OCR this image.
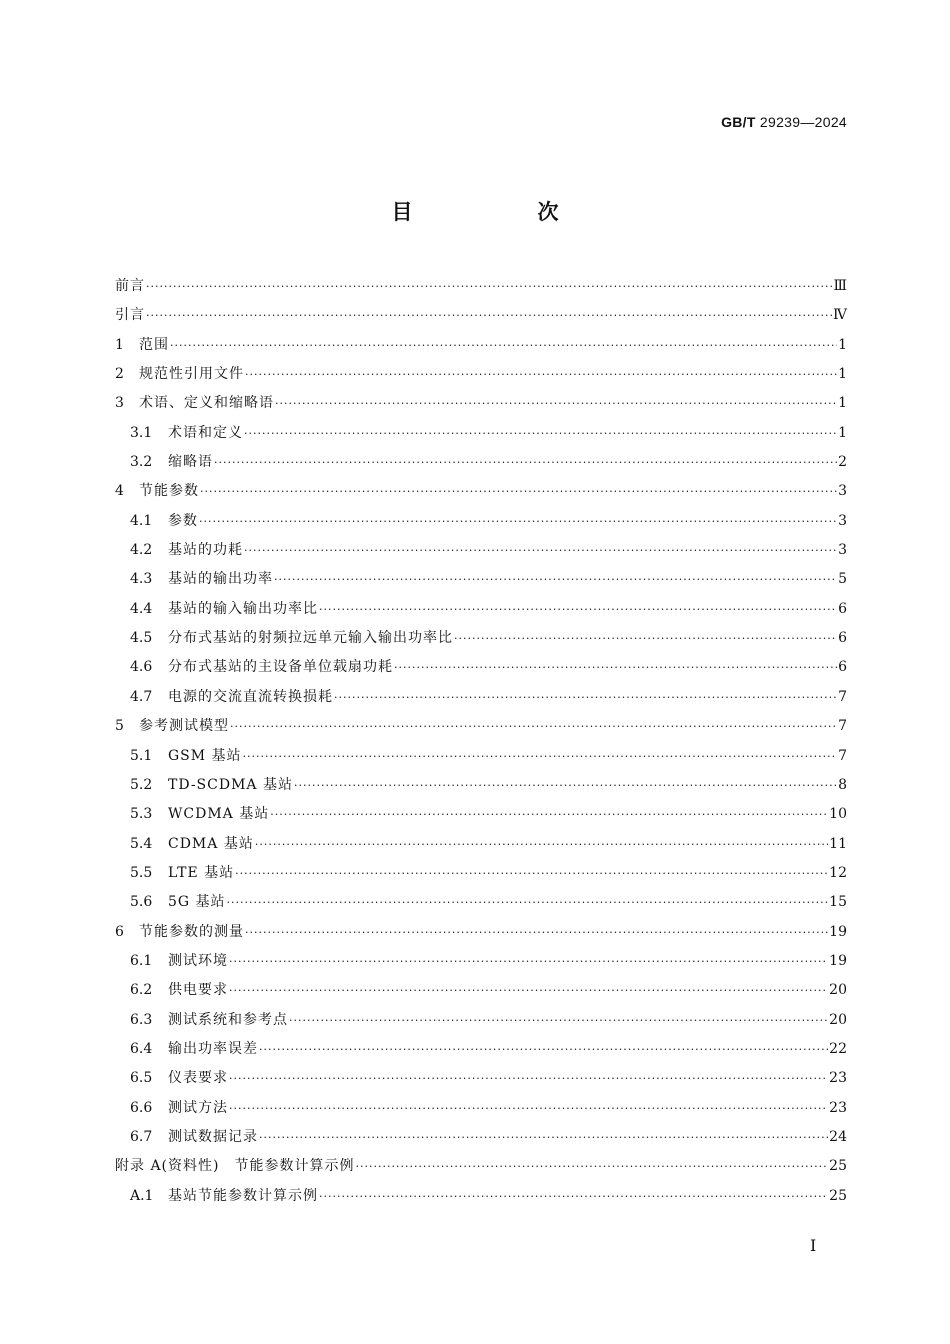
GB/T 29239—2024
目　次
前言 ·····	Ⅲ
引言 ·····	Ⅳ
1	范围 ·····	1
2	规范性引用文件 ·····	1
3	术语、定义和缩略语 ·····	1
3.1	术语和定义 ·····	1
3.2	缩略语 ·····	2
4	节能参数 ·····	3
4.1	参数 ·····	3
4.2	基站的功耗 ·····	3
4.3	基站的输出功率 ·····	5
4.4	基站的输入输出功率比 ·····	6
4.5	分布式基站的射频拉远单元输入输出功率比 ·····	6
4.6	分布式基站的主设备单位载扇功耗 ·····	6
4.7	电源的交流直流转换损耗 ·····	7
5	参考测试模型 ·····	7
5.1	GSM 基站 ·····	7
5.2	TD-SCDMA 基站 ·····	8
5.3	WCDMA 基站 ·····	10
5.4	CDMA 基站 ·····	11
5.5	LTE 基站 ·····	12
5.6	5G 基站 ·····	15
6	节能参数的测量 ·····	19
6.1	测试环境 ·····	19
6.2	供电要求 ·····	20
6.3	测试系统和参考点 ·····	20
6.4	输出功率误差 ·····	22
6.5	仪表要求 ·····	23
6.6	测试方法 ·····	23
6.7	测试数据记录 ·····	24
附录 A(资料性)　节能参数计算示例 ·····	25
A.1	基站节能参数计算示例 ·····	25
Ⅰ
